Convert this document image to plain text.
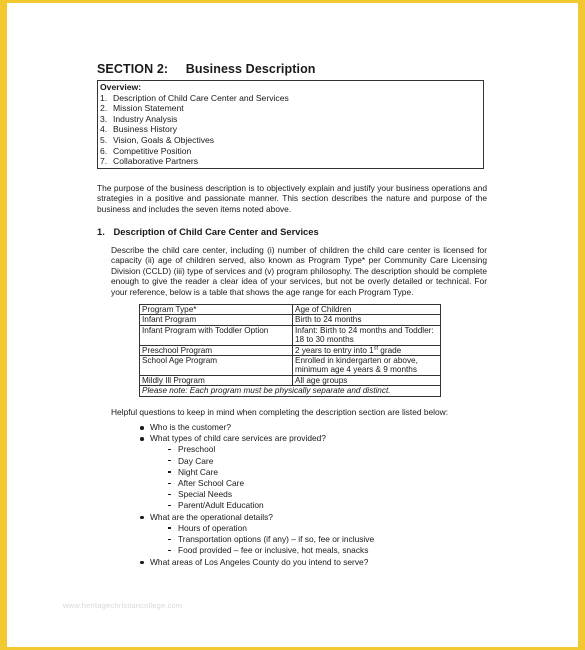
SECTION 2: Business Description
Overview:
1. Description of Child Care Center and Services
2. Mission Statement
3. Industry Analysis
4. Business History
5. Vision, Goals & Objectives
6. Competitive Position
7. Collaborative Partners

The purpose of the business description is to objectively explain and justify your business operations and strategies in a positive and passionate manner. This section describes the nature and purpose of the business and includes the seven items noted above.

1. Description of Child Care Center and Services

Describe the child care center, including (i) number of children the child care center is licensed for capacity (ii) age of children served, also known as Program Type* per Community Care Licensing Division (CCLD) (iii) type of services and (v) program philosophy. The description should be complete enough to give the reader a clear idea of your services, but not be overly detailed or technical. For your reference, below is a table that shows the age range for each Program Type.

Program Type*	Age of Children
Infant Program	Birth to 24 months
Infant Program with Toddler Option	Infant: Birth to 24 months and Toddler: 18 to 30 months
Preschool Program	2 years to entry into 1st grade
School Age Program	Enrolled in kindergarten or above, minimum age 4 years & 9 months
Mildly Ill Program	All age groups
Please note: Each program must be physically separate and distinct.	

Helpful questions to keep in mind when completing the description section are listed below:

Who is the customer?
What types of child care services are provided?
Preschool
Day Care
Night Care
After School Care
Special Needs
Parent/Adult Education
What are the operational details?
Hours of operation
Transportation options (if any) – if so, fee or inclusive
Food provided – fee or inclusive, hot meals, snacks
What areas of Los Angeles County do you intend to serve?
www.heritagechristiancollege.com
